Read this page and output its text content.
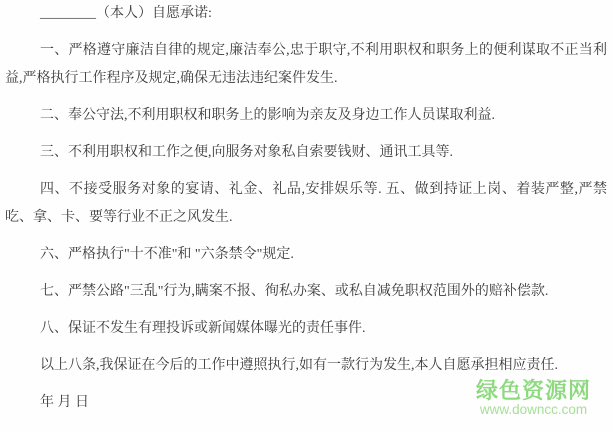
________（本人）自愿承诺:

一、严格遵守廉洁自律的规定,廉洁奉公,忠于职守,不利用职权和职务上的便利谋取不正当利益,严格执行工作程序及规定,确保无违法违纪案件发生.

二、奉公守法,不利用职权和职务上的影响为亲友及身边工作人员谋取利益.

三、不利用职权和工作之便,向服务对象私自索要钱财、通讯工具等.

四、不接受服务对象的宴请、礼金、礼品,安排娱乐等. 五、做到持证上岗、着装严整,严禁吃、拿、卡、要等行业不正之风发生.

六、严格执行"十不准"和 "六条禁令"规定.

七、严禁公路"三乱"行为,瞒案不报、徇私办案、或私自减免职权范围外的赔补偿款.

八、保证不发生有理投诉或新闻媒体曝光的责任事件.

以上八条,我保证在今后的工作中遵照执行,如有一款行为发生,本人自愿承担相应责任.

年 月 日	绿色资源网
www.downcc.com
